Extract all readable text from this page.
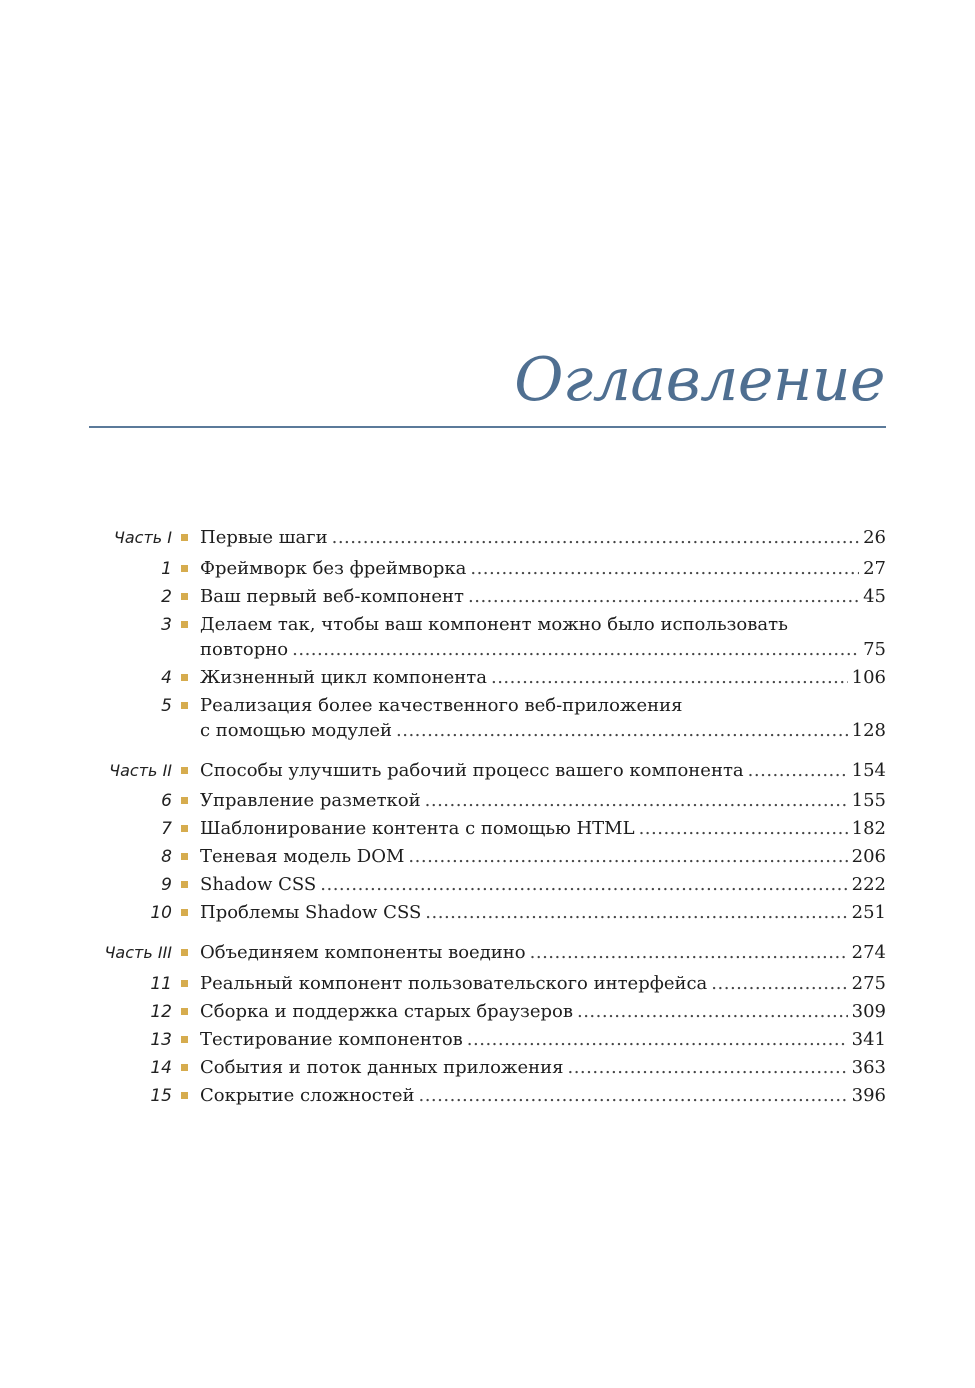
Оглавление
Часть I Первые шаги .....	26
1 Фреймворк без фреймворка .....	27
2 Ваш первый веб-компонент .....	45
3 Делаем так, чтобы ваш компонент можно было использовать
повторно .....	75
4 Жизненный цикл компонента .....	106
5 Реализация более качественного веб-приложения
с помощью модулей .....	128
Часть II Способы улучшить рабочий процесс вашего компонента .....	154
6 Управление разметкой .....	155
7 Шаблонирование контента с помощью HTML .....	182
8 Теневая модель DOM .....	206
9 Shadow CSS .....	222
10 Проблемы Shadow CSS .....	251
Часть III Объединяем компоненты воедино .....	274
11 Реальный компонент пользовательского интерфейса .....	275
12 Сборка и поддержка старых браузеров .....	309
13 Тестирование компонентов .....	341
14 События и поток данных приложения .....	363
15 Сокрытие сложностей .....	396
